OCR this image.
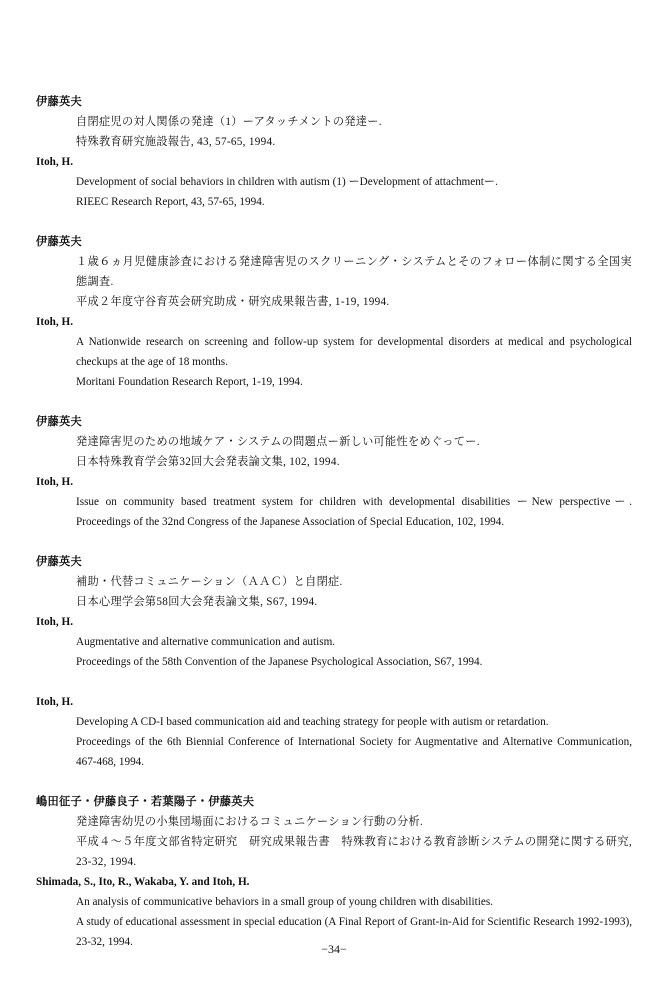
伊藤英夫
自閉症児の対人関係の発達（1）ーアタッチメントの発達ー.
特殊教育研究施設報告, 43, 57-65, 1994.
Itoh, H.
Development of social behaviors in children with autism (1) ーDevelopment of attachmentー.
RIEEC Research Report, 43, 57-65, 1994.
伊藤英夫
１歳６ヵ月児健康診査における発達障害児のスクリーニング・システムとそのフォロー体制に関する全国実態調査.
平成２年度守谷育英会研究助成・研究成果報告書, 1-19, 1994.
Itoh, H.
A Nationwide research on screening and follow-up system for developmental disorders at medical and psychological checkups at the age of 18 months.
Moritani Foundation Research Report, 1-19, 1994.
伊藤英夫
発達障害児のための地域ケア・システムの問題点ー新しい可能性をめぐってー.
日本特殊教育学会第32回大会発表論文集, 102, 1994.
Itoh, H.
Issue on community based treatment system for children with developmental disabilities ーNew perspectiveー. Proceedings of the 32nd Congress of the Japanese Association of Special Education, 102, 1994.
伊藤英夫
補助・代替コミュニケーション（ＡＡＣ）と自閉症.
日本心理学会第58回大会発表論文集, S67, 1994.
Itoh, H.
Augmentative and alternative communication and autism.
Proceedings of the 58th Convention of the Japanese Psychological Association, S67, 1994.
Itoh, H.
Developing A CD-I based communication aid and teaching strategy for people with autism or retardation.
Proceedings of the 6th Biennial Conference of International Society for Augmentative and Alternative Communication, 467-468, 1994.
嶋田征子・伊藤良子・若葉陽子・伊藤英夫
発達障害幼児の小集団場面におけるコミュニケーション行動の分析.
平成４～５年度文部省特定研究　研究成果報告書　特殊教育における教育診断システムの開発に関する研究, 23-32, 1994.
Shimada, S., Ito, R., Wakaba, Y. and Itoh, H.
An analysis of communicative behaviors in a small group of young children with disabilities.
A study of educational assessment in special education (A Final Report of Grant-in-Aid for Scientific Research 1992-1993), 23-32, 1994.	−34−
